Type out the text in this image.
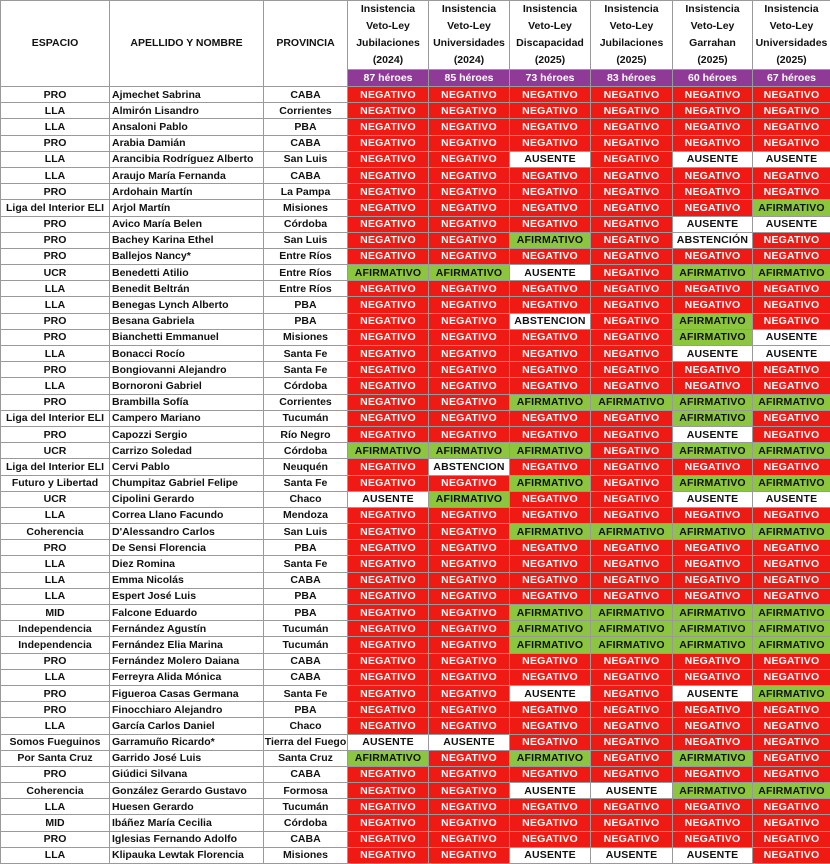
ESPACIO	APELLIDO Y NOMBRE	PROVINCIA	Insistencia Veto-Ley Jubilaciones (2024)	Insistencia Veto-Ley Universidades (2024)	Insistencia Veto-Ley Discapacidad (2025)	Insistencia Veto-Ley Jubilaciones (2025)	Insistencia Veto-Ley Garrahan (2025)	Insistencia Veto-Ley Universidades (2025)
			87 héroes	85 héroes	73 héroes	83 héroes	60 héroes	67 héroes
PRO	Ajmechet Sabrina	CABA	NEGATIVO	NEGATIVO	NEGATIVO	NEGATIVO	NEGATIVO	NEGATIVO
LLA	Almirón Lisandro	Corrientes	NEGATIVO	NEGATIVO	NEGATIVO	NEGATIVO	NEGATIVO	NEGATIVO
LLA	Ansaloni Pablo	PBA	NEGATIVO	NEGATIVO	NEGATIVO	NEGATIVO	NEGATIVO	NEGATIVO
PRO	Arabia Damián	CABA	NEGATIVO	NEGATIVO	NEGATIVO	NEGATIVO	NEGATIVO	NEGATIVO
LLA	Arancibia Rodríguez Alberto	San Luis	NEGATIVO	NEGATIVO	AUSENTE	NEGATIVO	AUSENTE	AUSENTE
LLA	Araujo María Fernanda	CABA	NEGATIVO	NEGATIVO	NEGATIVO	NEGATIVO	NEGATIVO	NEGATIVO
PRO	Ardohain Martín	La Pampa	NEGATIVO	NEGATIVO	NEGATIVO	NEGATIVO	NEGATIVO	NEGATIVO
Liga del Interior ELI	Arjol Martín	Misiones	NEGATIVO	NEGATIVO	NEGATIVO	NEGATIVO	NEGATIVO	AFIRMATIVO
PRO	Avico María Belen	Córdoba	NEGATIVO	NEGATIVO	NEGATIVO	NEGATIVO	AUSENTE	AUSENTE
PRO	Bachey Karina Ethel	San Luis	NEGATIVO	NEGATIVO	AFIRMATIVO	NEGATIVO	ABSTENCIÓN	NEGATIVO
PRO	Ballejos Nancy*	Entre Ríos	NEGATIVO	NEGATIVO	NEGATIVO	NEGATIVO	NEGATIVO	NEGATIVO
UCR	Benedetti Atilio	Entre Ríos	AFIRMATIVO	AFIRMATIVO	AUSENTE	NEGATIVO	AFIRMATIVO	AFIRMATIVO
LLA	Benedit Beltrán	Entre Ríos	NEGATIVO	NEGATIVO	NEGATIVO	NEGATIVO	NEGATIVO	NEGATIVO
LLA	Benegas Lynch Alberto	PBA	NEGATIVO	NEGATIVO	NEGATIVO	NEGATIVO	NEGATIVO	NEGATIVO
PRO	Besana Gabriela	PBA	NEGATIVO	NEGATIVO	ABSTENCION	NEGATIVO	AFIRMATIVO	NEGATIVO
PRO	Bianchetti Emmanuel	Misiones	NEGATIVO	NEGATIVO	NEGATIVO	NEGATIVO	AFIRMATIVO	AUSENTE
LLA	Bonacci Rocío	Santa Fe	NEGATIVO	NEGATIVO	NEGATIVO	NEGATIVO	AUSENTE	AUSENTE
PRO	Bongiovanni Alejandro	Santa Fe	NEGATIVO	NEGATIVO	NEGATIVO	NEGATIVO	NEGATIVO	NEGATIVO
LLA	Bornoroni Gabriel	Córdoba	NEGATIVO	NEGATIVO	NEGATIVO	NEGATIVO	NEGATIVO	NEGATIVO
PRO	Brambilla Sofía	Corrientes	NEGATIVO	NEGATIVO	AFIRMATIVO	AFIRMATIVO	AFIRMATIVO	AFIRMATIVO
Liga del Interior ELI	Campero Mariano	Tucumán	NEGATIVO	NEGATIVO	NEGATIVO	NEGATIVO	AFIRMATIVO	NEGATIVO
PRO	Capozzi Sergio	Río Negro	NEGATIVO	NEGATIVO	NEGATIVO	NEGATIVO	AUSENTE	NEGATIVO
UCR	Carrizo Soledad	Córdoba	AFIRMATIVO	AFIRMATIVO	AFIRMATIVO	NEGATIVO	AFIRMATIVO	AFIRMATIVO
Liga del Interior ELI	Cervi Pablo	Neuquén	NEGATIVO	ABSTENCION	NEGATIVO	NEGATIVO	NEGATIVO	NEGATIVO
Futuro y Libertad	Chumpitaz Gabriel Felipe	Santa Fe	NEGATIVO	NEGATIVO	AFIRMATIVO	NEGATIVO	AFIRMATIVO	AFIRMATIVO
UCR	Cipolini Gerardo	Chaco	AUSENTE	AFIRMATIVO	NEGATIVO	NEGATIVO	AUSENTE	AUSENTE
LLA	Correa Llano Facundo	Mendoza	NEGATIVO	NEGATIVO	NEGATIVO	NEGATIVO	NEGATIVO	NEGATIVO
Coherencia	D'Alessandro Carlos	San Luis	NEGATIVO	NEGATIVO	AFIRMATIVO	AFIRMATIVO	AFIRMATIVO	AFIRMATIVO
PRO	De Sensi Florencia	PBA	NEGATIVO	NEGATIVO	NEGATIVO	NEGATIVO	NEGATIVO	NEGATIVO
LLA	Diez Romina	Santa Fe	NEGATIVO	NEGATIVO	NEGATIVO	NEGATIVO	NEGATIVO	NEGATIVO
LLA	Emma Nicolás	CABA	NEGATIVO	NEGATIVO	NEGATIVO	NEGATIVO	NEGATIVO	NEGATIVO
LLA	Espert José Luis	PBA	NEGATIVO	NEGATIVO	NEGATIVO	NEGATIVO	NEGATIVO	NEGATIVO
MID	Falcone Eduardo	PBA	NEGATIVO	NEGATIVO	AFIRMATIVO	AFIRMATIVO	AFIRMATIVO	AFIRMATIVO
Independencia	Fernández Agustín	Tucumán	NEGATIVO	NEGATIVO	AFIRMATIVO	AFIRMATIVO	AFIRMATIVO	AFIRMATIVO
Independencia	Fernández Elia Marina	Tucumán	NEGATIVO	NEGATIVO	AFIRMATIVO	AFIRMATIVO	AFIRMATIVO	AFIRMATIVO
PRO	Fernández Molero Daiana	CABA	NEGATIVO	NEGATIVO	NEGATIVO	NEGATIVO	NEGATIVO	NEGATIVO
LLA	Ferreyra Alida Mónica	CABA	NEGATIVO	NEGATIVO	NEGATIVO	NEGATIVO	NEGATIVO	NEGATIVO
PRO	Figueroa Casas Germana	Santa Fe	NEGATIVO	NEGATIVO	AUSENTE	NEGATIVO	AUSENTE	AFIRMATIVO
PRO	Finocchiaro Alejandro	PBA	NEGATIVO	NEGATIVO	NEGATIVO	NEGATIVO	NEGATIVO	NEGATIVO
LLA	García Carlos Daniel	Chaco	NEGATIVO	NEGATIVO	NEGATIVO	NEGATIVO	NEGATIVO	NEGATIVO
Somos Fueguinos	Garramuño Ricardo*	Tierra del Fuego	AUSENTE	AUSENTE	NEGATIVO	NEGATIVO	NEGATIVO	NEGATIVO
Por Santa Cruz	Garrido José Luis	Santa Cruz	AFIRMATIVO	NEGATIVO	AFIRMATIVO	NEGATIVO	AFIRMATIVO	NEGATIVO
PRO	Giúdici Silvana	CABA	NEGATIVO	NEGATIVO	NEGATIVO	NEGATIVO	NEGATIVO	NEGATIVO
Coherencia	González Gerardo Gustavo	Formosa	NEGATIVO	NEGATIVO	AUSENTE	AUSENTE	AFIRMATIVO	AFIRMATIVO
LLA	Huesen Gerardo	Tucumán	NEGATIVO	NEGATIVO	NEGATIVO	NEGATIVO	NEGATIVO	NEGATIVO
MID	Ibáñez María Cecilia	Córdoba	NEGATIVO	NEGATIVO	NEGATIVO	NEGATIVO	NEGATIVO	NEGATIVO
PRO	Iglesias Fernando Adolfo	CABA	NEGATIVO	NEGATIVO	NEGATIVO	NEGATIVO	NEGATIVO	NEGATIVO
LLA	Klipauka Lewtak Florencia	Misiones	NEGATIVO	NEGATIVO	AUSENTE	AUSENTE	AUSENTE	NEGATIVO
